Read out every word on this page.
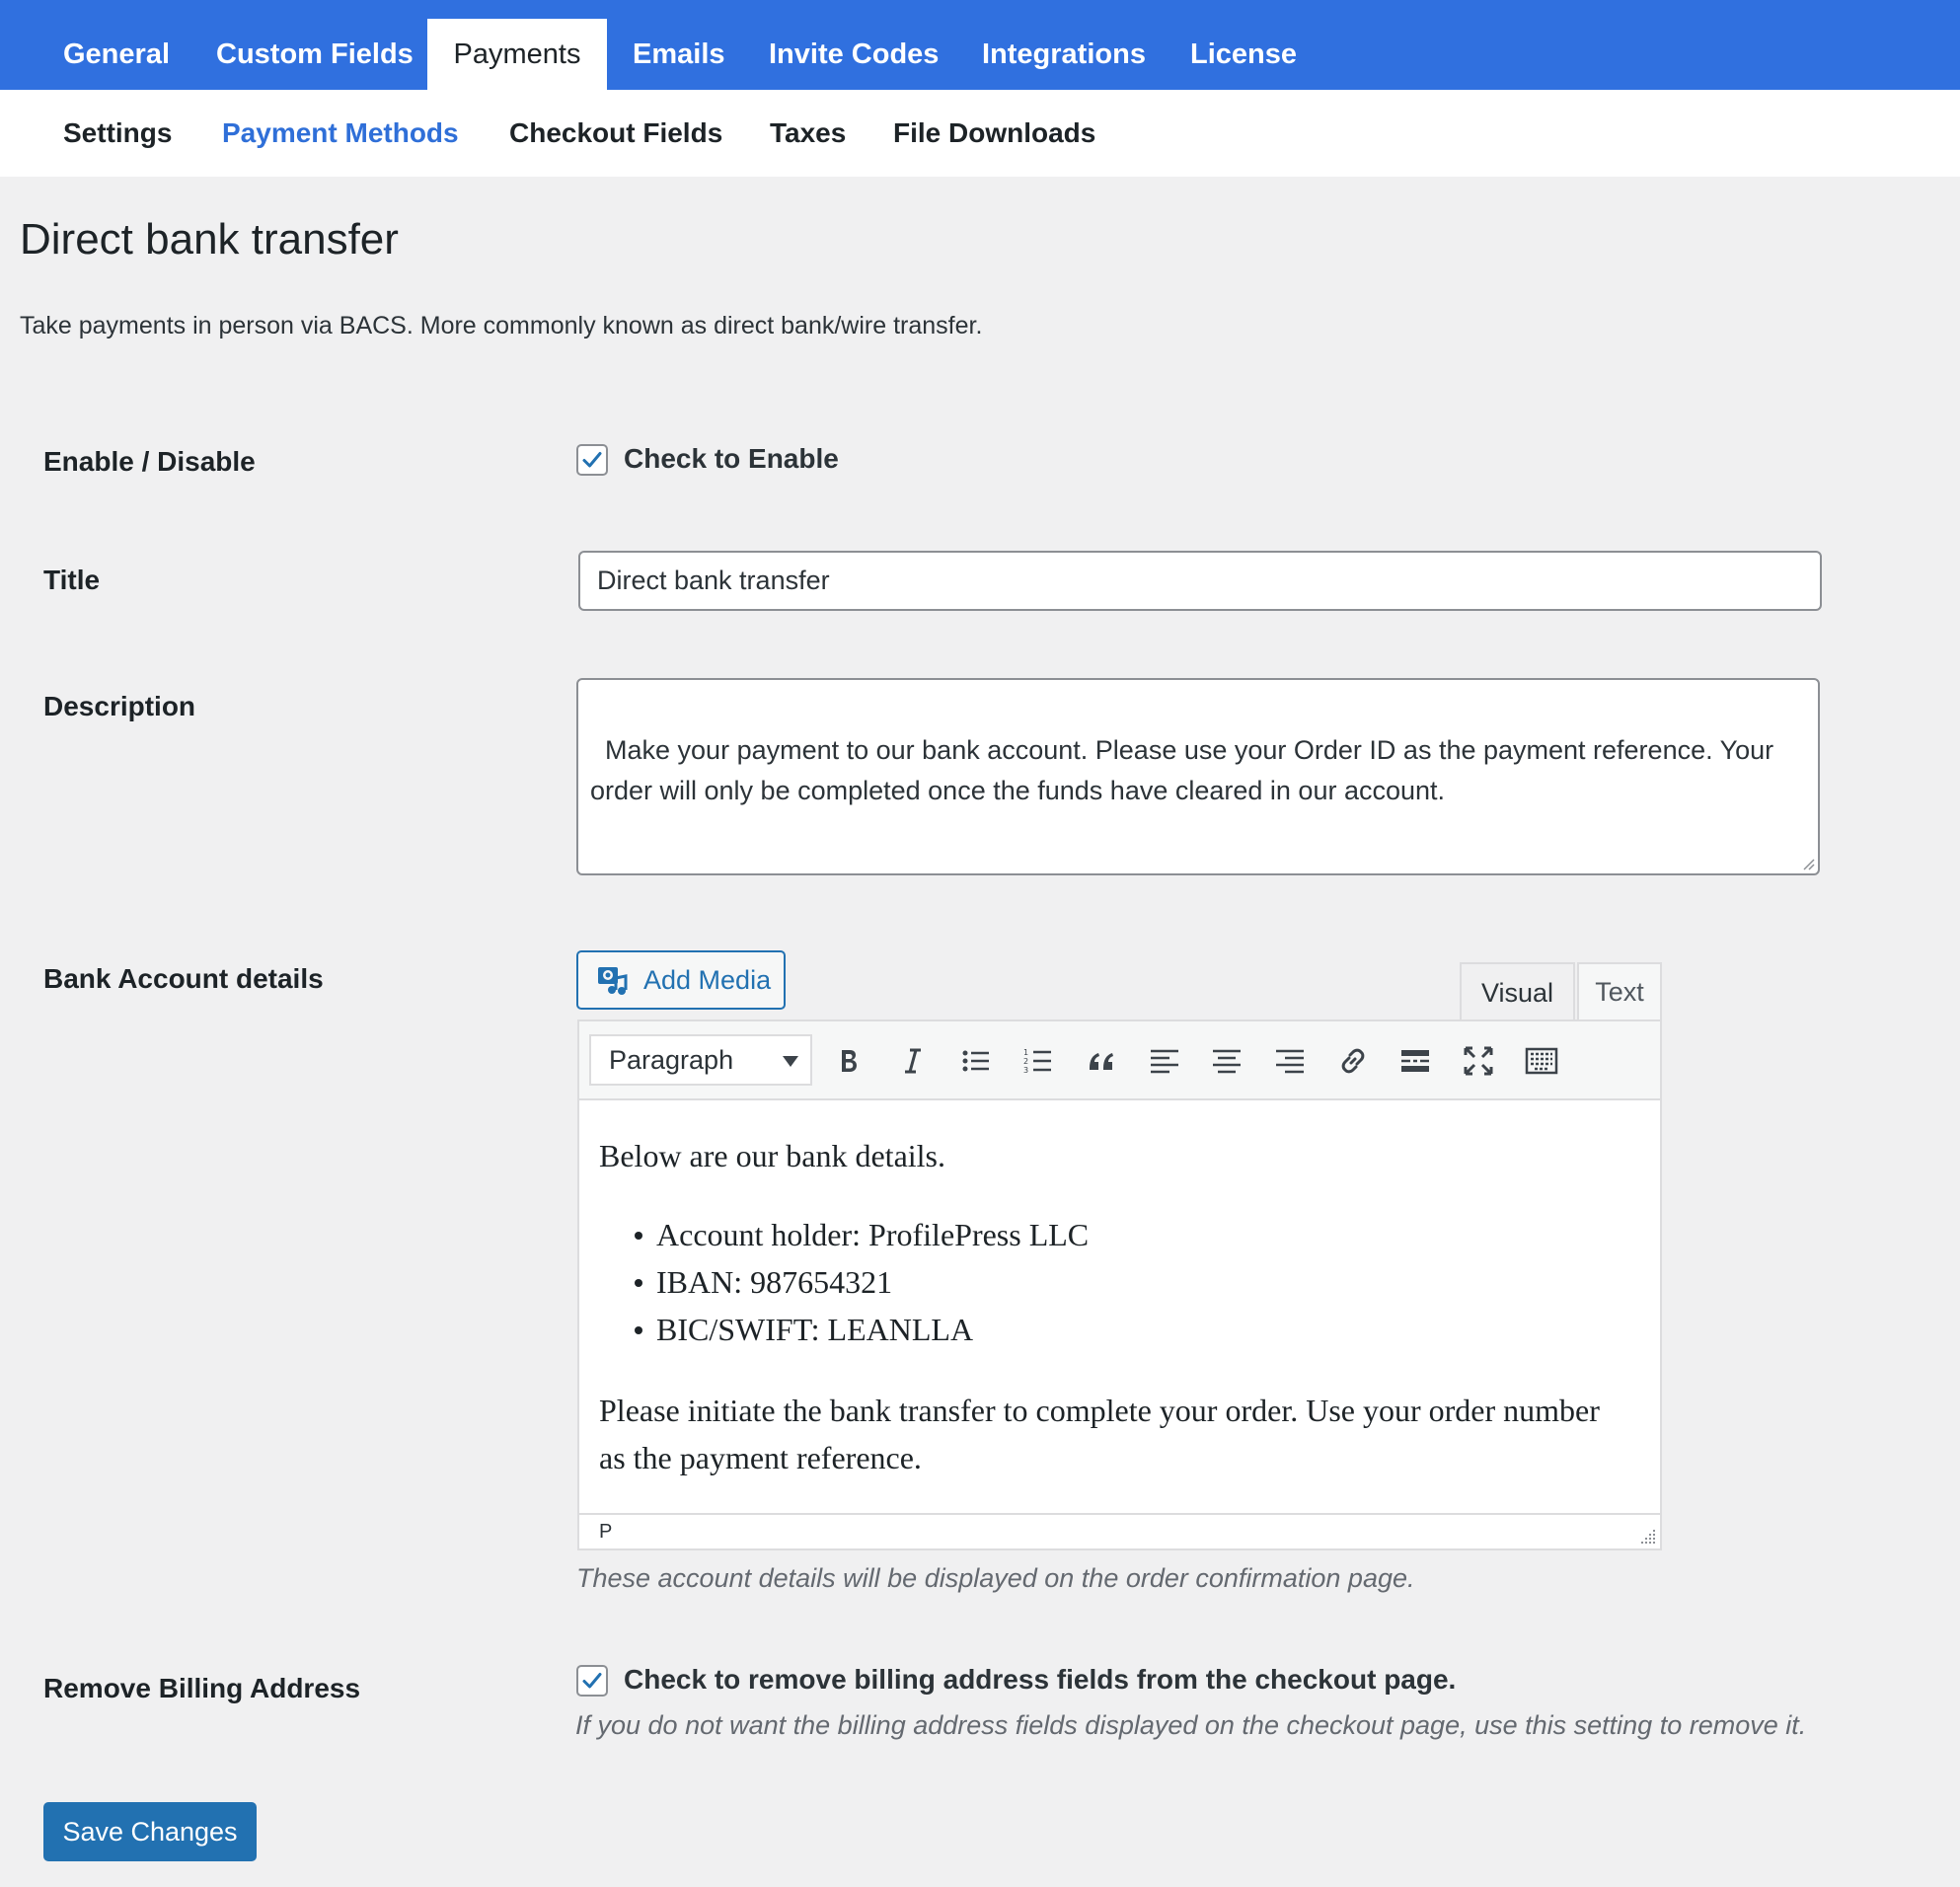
General	Custom Fields	Payments	Emails	Invite Codes	Integrations	License
Settings Payment Methods Checkout Fields Taxes File Downloads
Direct bank transfer

Take payments in person via BACS. More commonly known as direct bank/wire transfer.

Enable / Disable	Check to Enable
Title	Direct bank transfer
Description

Make your payment to our bank account. Please use your Order ID as the payment reference. Your order will only be completed once the funds have cleared in our account.

Bank Account details	Add Media	Visual	Text
Paragraph	1
2
3

Below are our bank details.

Account holder: ProfilePress LLC
IBAN: 987654321
BIC/SWIFT: LEANLLA

Please initiate the bank transfer to complete your order. Use your order number as the payment reference.

P
These account details will be displayed on the order confirmation page.
Remove Billing Address	Check to remove billing address fields from the checkout page.
If you do not want the billing address fields displayed on the checkout page, use this setting to remove it.
Save Changes
